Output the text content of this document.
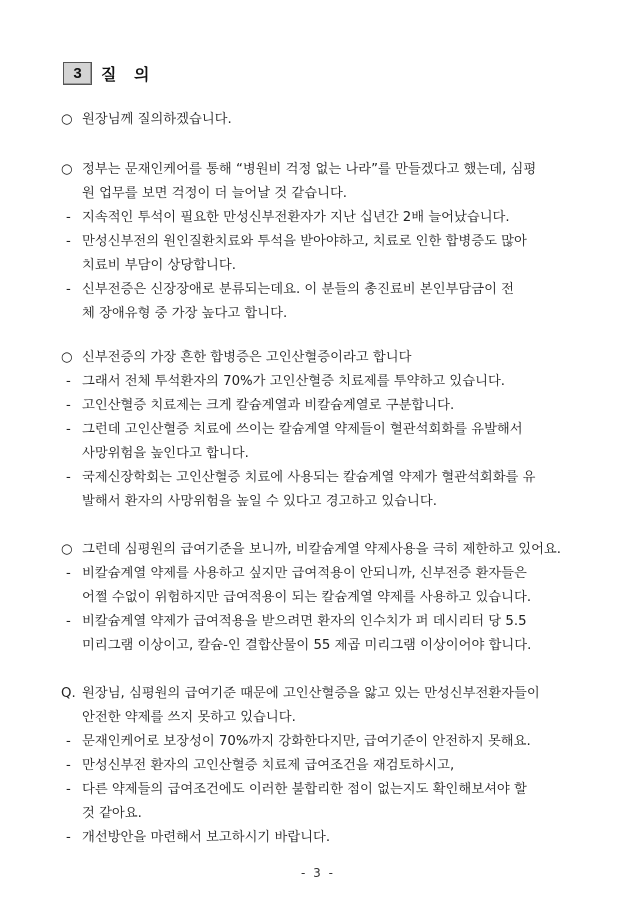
3	질 의
○ 원장님께 질의하겠습니다.
○ 정부는 문재인케어를 통해 “병원비 걱정 없는 나라”를 만들겠다고 했는데, 심평
원 업무를 보면 걱정이 더 늘어날 것 같습니다.
- 지속적인 투석이 필요한 만성신부전환자가 지난 십년간 2배 늘어났습니다.
- 만성신부전의 원인질환치료와 투석을 받아야하고, 치료로 인한 합병증도 많아
치료비 부담이 상당합니다.
- 신부전증은 신장장애로 분류되는데요. 이 분들의 총진료비 본인부담금이 전
체 장애유형 중 가장 높다고 합니다.
○ 신부전증의 가장 흔한 합병증은 고인산혈증이라고 합니다
- 그래서 전체 투석환자의 70%가 고인산혈증 치료제를 투약하고 있습니다.
- 고인산혈증 치료제는 크게 칼슘계열과 비칼슘계열로 구분합니다.
- 그런데 고인산혈증 치료에 쓰이는 칼슘계열 약제들이 혈관석회화를 유발해서
사망위험을 높인다고 합니다.
- 국제신장학회는 고인산혈증 치료에 사용되는 칼슘계열 약제가 혈관석회화를 유
발해서 환자의 사망위험을 높일 수 있다고 경고하고 있습니다.
○ 그런데 심평원의 급여기준을 보니까, 비칼슘계열 약제사용을 극히 제한하고 있어요.
- 비칼슘계열 약제를 사용하고 싶지만 급여적용이 안되니까, 신부전증 환자들은
어쩔 수없이 위험하지만 급여적용이 되는 칼슘계열 약제를 사용하고 있습니다.
- 비칼슘계열 약제가 급여적용을 받으려면 환자의 인수치가 퍼 데시리터 당 5.5
미리그램 이상이고, 칼슘-인 결합산물이 55 제곱 미리그램 이상이어야 합니다.
Q. 원장님, 심평원의 급여기준 때문에 고인산혈증을 앓고 있는 만성신부전환자들이
안전한 약제를 쓰지 못하고 있습니다.
- 문재인케어로 보장성이 70%까지 강화한다지만, 급여기준이 안전하지 못해요.
- 만성신부전 환자의 고인산혈증 치료제 급여조건을 재검토하시고,
- 다른 약제들의 급여조건에도 이러한 불합리한 점이 없는지도 확인해보셔야 할
것 같아요.
- 개선방안을 마련해서 보고하시기 바랍니다.
- 3 -
